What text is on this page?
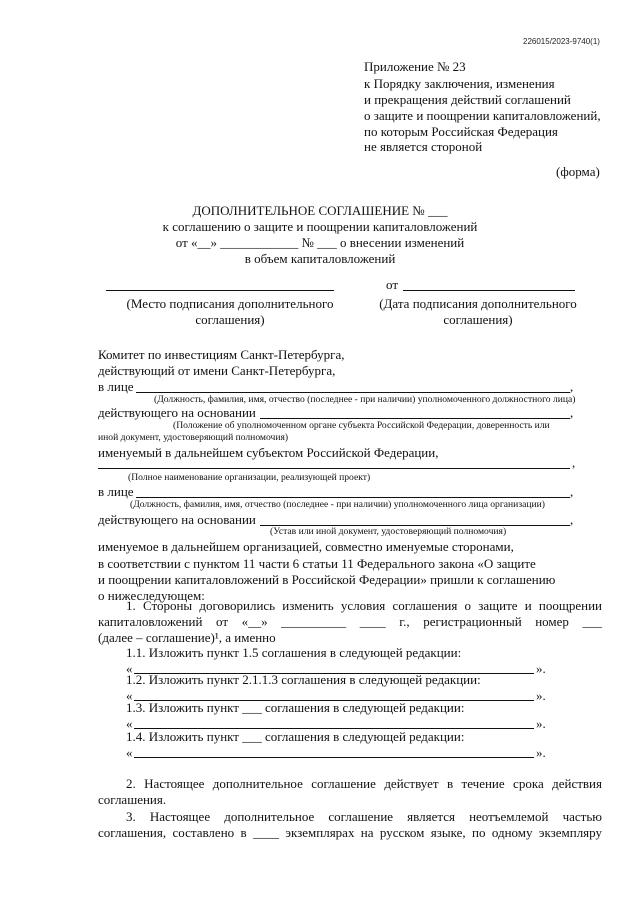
226015/2023-9740(1)
Приложение № 23
к Порядку заключения, изменения
и прекращения действий соглашений
о защите и поощрении капиталовложений,
по которым Российская Федерация
не является стороной
(форма)
ДОПОЛНИТЕЛЬНОЕ СОГЛАШЕНИЕ № ___
к соглашению о защите и поощрении капиталовложений
от «__» ____________ № ___ о внесении изменений
в объем капиталовложений
от
(Место подписания дополнительного
соглашения)
(Дата подписания дополнительного
соглашения)
Комитет по инвестициям Санкт-Петербурга,
действующий от имени Санкт-Петербурга,
в лице	,
(Должность, фамилия, имя, отчество (последнее - при наличии) уполномоченного должностного лица)
действующего на основании	,
(Положение об уполномоченном органе субъекта Российской Федерации, доверенность или
иной документ, удостоверяющий полномочия)
именуемый в дальнейшем субъектом Российской Федерации,
,
(Полное наименование организации, реализующей проект)
в лице	,
(Должность, фамилия, имя, отчество (последнее - при наличии) уполномоченного лица организации)
действующего на основании	,
(Устав или иной документ, удостоверяющий полномочия)
именуемое в дальнейшем организацией, совместно именуемые сторонами,
в соответствии с пунктом 11 части 6 статьи 11 Федерального закона «О защите
и поощрении капиталовложений в Российской Федерации» пришли к соглашению
о нижеследующем:
1. Стороны договорились изменить условия соглашения о защите и поощрении
капиталовложений от «__» __________ ____ г., регистрационный номер ___
(далее – соглашение)¹, а именно
1.1. Изложить пункт 1.5 соглашения в следующей редакции:
«	».
1.2. Изложить пункт 2.1.1.3 соглашения в следующей редакции:
«	».
1.3. Изложить пункт ___ соглашения в следующей редакции:
«	».
1.4. Изложить пункт ___ соглашения в следующей редакции:
«	».
2. Настоящее дополнительное соглашение действует в течение срока действия
соглашения.
3. Настоящее дополнительное соглашение является неотъемлемой частью
соглашения, составлено в ____ экземплярах на русском языке, по одному экземпляру
